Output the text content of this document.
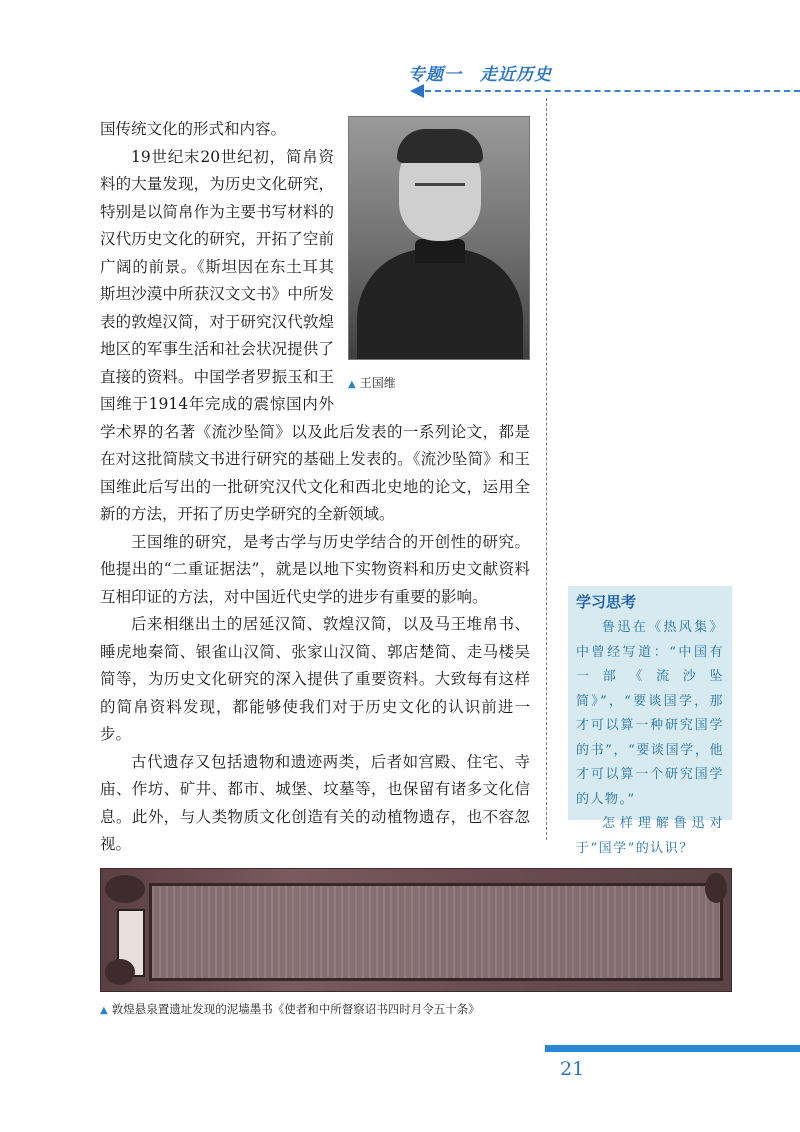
专题一 走近历史
▲ 王国维

国传统文化的形式和内容。

19世纪末20世纪初，简帛资料的大量发现，为历史文化研究，特别是以简帛作为主要书写材料的汉代历史文化的研究，开拓了空前广阔的前景。《斯坦因在东土耳其斯坦沙漠中所获汉文文书》中所发表的敦煌汉简，对于研究汉代敦煌地区的军事生活和社会状况提供了直接的资料。中国学者罗振玉和王国维于1914年完成的震惊国内外学术界的名著《流沙坠简》以及此后发表的一系列论文，都是在对这批简牍文书进行研究的基础上发表的。《流沙坠简》和王国维此后写出的一批研究汉代文化和西北史地的论文，运用全新的方法，开拓了历史学研究的全新领域。

王国维的研究，是考古学与历史学结合的开创性的研究。他提出的“二重证据法”，就是以地下实物资料和历史文献资料互相印证的方法，对中国近代史学的进步有重要的影响。

后来相继出土的居延汉简、敦煌汉简，以及马王堆帛书、睡虎地秦简、银雀山汉简、张家山汉简、郭店楚简、走马楼吴简等，为历史文化研究的深入提供了重要资料。大致每有这样的简帛资料发现，都能够使我们对于历史文化的认识前进一步。

古代遗存又包括遗物和遗迹两类，后者如宫殿、住宅、寺庙、作坊、矿井、都市、城堡、坟墓等，也保留有诸多文化信息。此外，与人类物质文化创造有关的动植物遗存，也不容忽视。

学习思考

鲁迅在《热风集》中曾经写道：“中国有一部《流沙坠简》”，“要谈国学，那才可以算一种研究国学的书”，“要谈国学，他才可以算一个研究国学的人物。”

怎样理解鲁迅对于“国学”的认识？

▲ 敦煌悬泉置遗址发现的泥墙墨书《使者和中所督察诏书四时月令五十条》
21
